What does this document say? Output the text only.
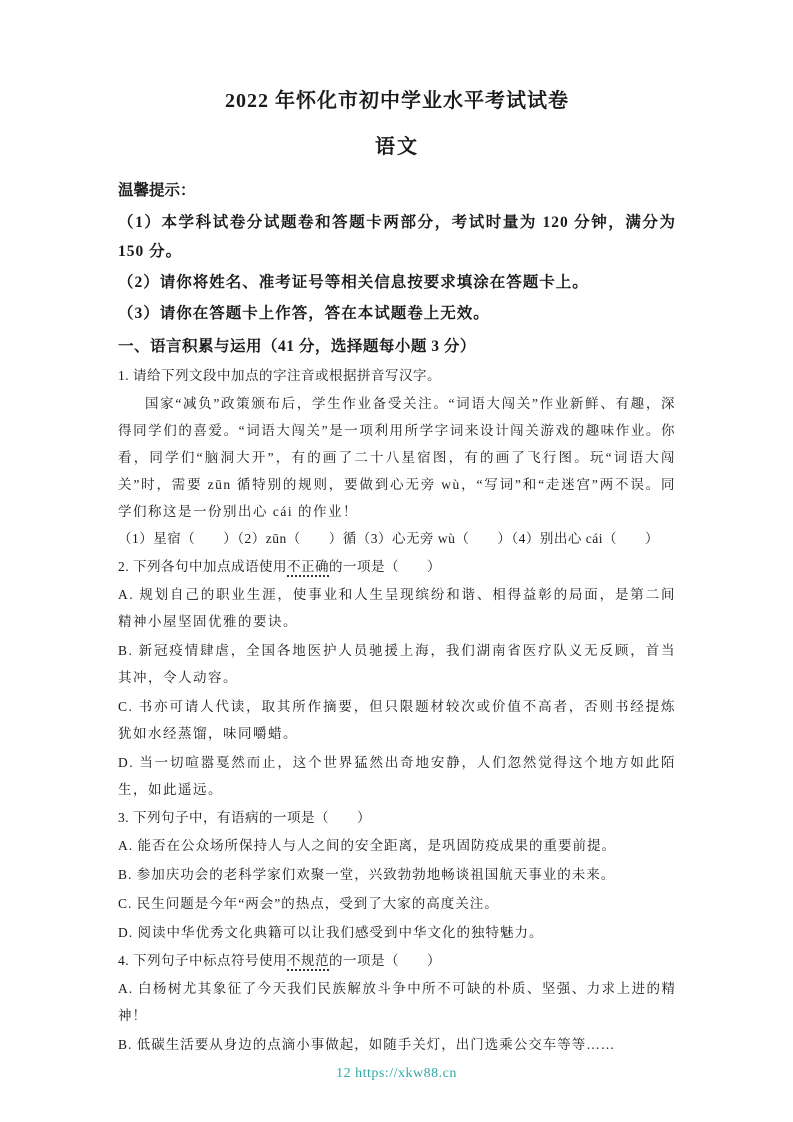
2022 年怀化市初中学业水平考试试卷
语文

温馨提示：

（1）本学科试卷分试题卷和答题卡两部分，考试时量为 120 分钟，满分为 150 分。

（2）请你将姓名、准考证号等相关信息按要求填涂在答题卡上。

（3）请你在答题卡上作答，答在本试题卷上无效。

一、语言积累与运用（41 分，选择题每小题 3 分）

1. 请给下列文段中加点的字注音或根据拼音写汉字。

国家“减负”政策颁布后，学生作业备受关注。“词语大闯关”作业新鲜、有趣，深得同学们的喜爱。“词语大闯关”是一项利用所学字词来设计闯关游戏的趣味作业。你看，同学们“脑洞大开”，有的画了二十八星宿图，有的画了飞行图。玩“词语大闯关”时，需要 zūn 循特别的规则，要做到心无旁 wù，“写词”和“走迷宫”两不误。同学们称这是一份别出心 cái 的作业！

（1）星宿（　　）（2）zūn（　　）循（3）心无旁 wù（　　）（4）别出心 cái（　　）

2. 下列各句中加点成语使用不正确的一项是（　　）

A. 规划自己的职业生涯，使事业和人生呈现缤纷和谐、相得益彰的局面，是第二间精神小屋坚固优雅的要诀。

B. 新冠疫情肆虐，全国各地医护人员驰援上海，我们湖南省医疗队义无反顾，首当其冲，令人动容。

C. 书亦可请人代读，取其所作摘要，但只限题材较次或价值不高者，否则书经提炼犹如水经蒸馏，味同嚼蜡。

D. 当一切喧嚣戛然而止，这个世界猛然出奇地安静，人们忽然觉得这个地方如此陌生，如此遥远。

3. 下列句子中，有语病的一项是（　　）

A. 能否在公众场所保持人与人之间的安全距离，是巩固防疫成果的重要前提。

B. 参加庆功会的老科学家们欢聚一堂，兴致勃勃地畅谈祖国航天事业的未来。

C. 民生问题是今年“两会”的热点，受到了大家的高度关注。

D. 阅读中华优秀文化典籍可以让我们感受到中华文化的独特魅力。

4. 下列句子中标点符号使用不规范的一项是（　　）

A. 白杨树尤其象征了今天我们民族解放斗争中所不可缺的朴质、坚强、力求上进的精神！

B. 低碳生活要从身边的点滴小事做起，如随手关灯，出门选乘公交车等等……

12 https://xkw88.cn
